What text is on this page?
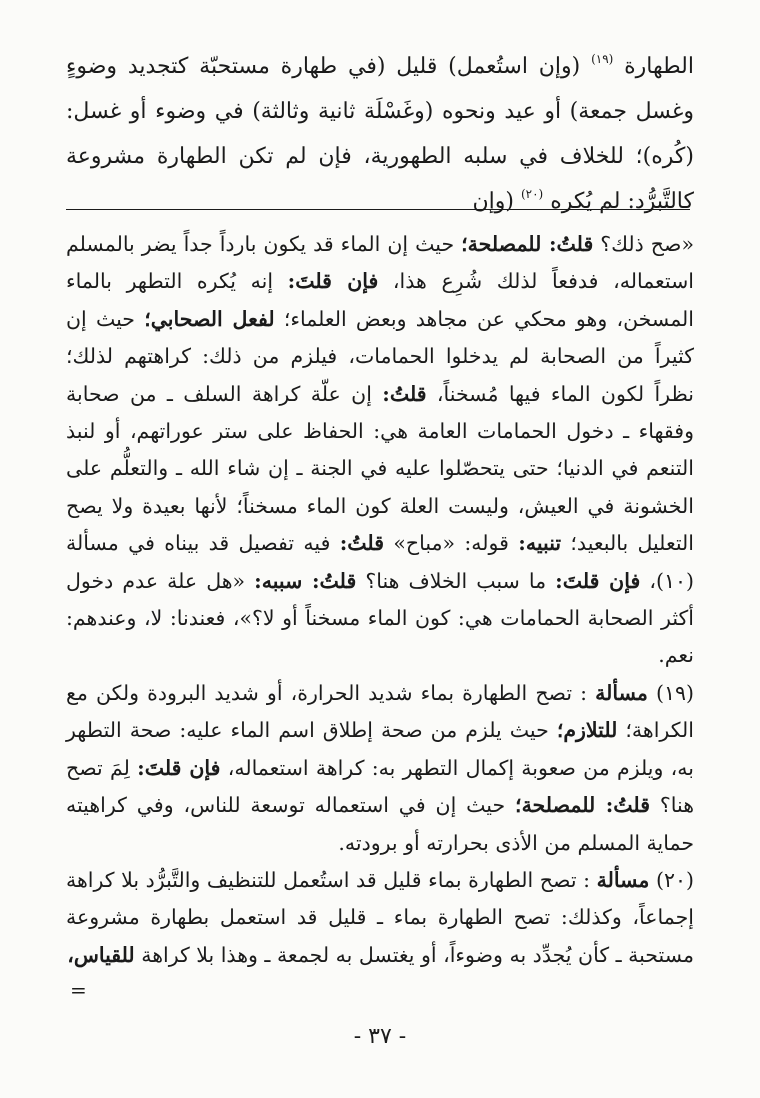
الطهارة $^{(١٩)}$ (وإن استُعمل) قليل (في طهارة مستحبّة كتجديد وضوءٍ وغسل جمعة) أو عيد ونحوه (وغَسْلَة ثانية وثالثة) في وضوء أو غسل: (كُره)؛ للخلاف في سلبه الطهورية، فإن لم تكن الطهارة مشروعة كالتَّبرُّد: لم يُكره $^{(٢٠)}$ (وإن
«صح ذلك؟ قلتُ: للمصلحة؛ حيث إن الماء قد يكون بارداً جداً يضر بالمسلم استعماله، فدفعاً لذلك شُرِع هذا، فإن قلتَ: إنه يُكره التطهر بالماء المسخن، وهو محكي عن مجاهد وبعض العلماء؛ لفعل الصحابي؛ حيث إن كثيراً من الصحابة لم يدخلوا الحمامات، فيلزم من ذلك: كراهتهم لذلك؛ نظراً لكون الماء فيها مُسخناً، قلتُ: إن علّة كراهة السلف ـ من صحابة وفقهاء ـ دخول الحمامات العامة هي: الحفاظ على ستر عوراتهم، أو لنبذ التنعم في الدنيا؛ حتى يتحصّلوا عليه في الجنة ـ إن شاء الله ـ والتعلُّم على الخشونة في العيش، وليست العلة كون الماء مسخناً؛ لأنها بعيدة ولا يصح التعليل بالبعيد؛ تنبيه: قوله: «مباح» قلتُ: فيه تفصيل قد بيناه في مسألة (١٠)، فإن قلتَ: ما سبب الخلاف هنا؟ قلتُ: سببه: «هل علة عدم دخول أكثر الصحابة الحمامات هي: كون الماء مسخناً أو لا؟»، فعندنا: لا، وعندهم: نعم.
(١٩) مسألة : تصح الطهارة بماء شديد الحرارة، أو شديد البرودة ولكن مع الكراهة؛ للتلازم؛ حيث يلزم من صحة إطلاق اسم الماء عليه: صحة التطهر به، ويلزم من صعوبة إكمال التطهر به: كراهة استعماله، فإن قلتَ: لِمَ تصح هنا؟ قلتُ: للمصلحة؛ حيث إن في استعماله توسعة للناس، وفي كراهيته حماية المسلم من الأذى بحرارته أو برودته.
(٢٠) مسألة : تصح الطهارة بماء قليل قد استُعمل للتنظيف والتَّبرُّد بلا كراهة إجماعاً، وكذلك: تصح الطهارة بماء ـ قليل قد استعمل بطهارة مشروعة مستحبة ـ كأن يُجدِّد به وضوءاً، أو يغتسل به لجمعة ـ وهذا بلا كراهة للقياس،
=
- ٣٧ -
